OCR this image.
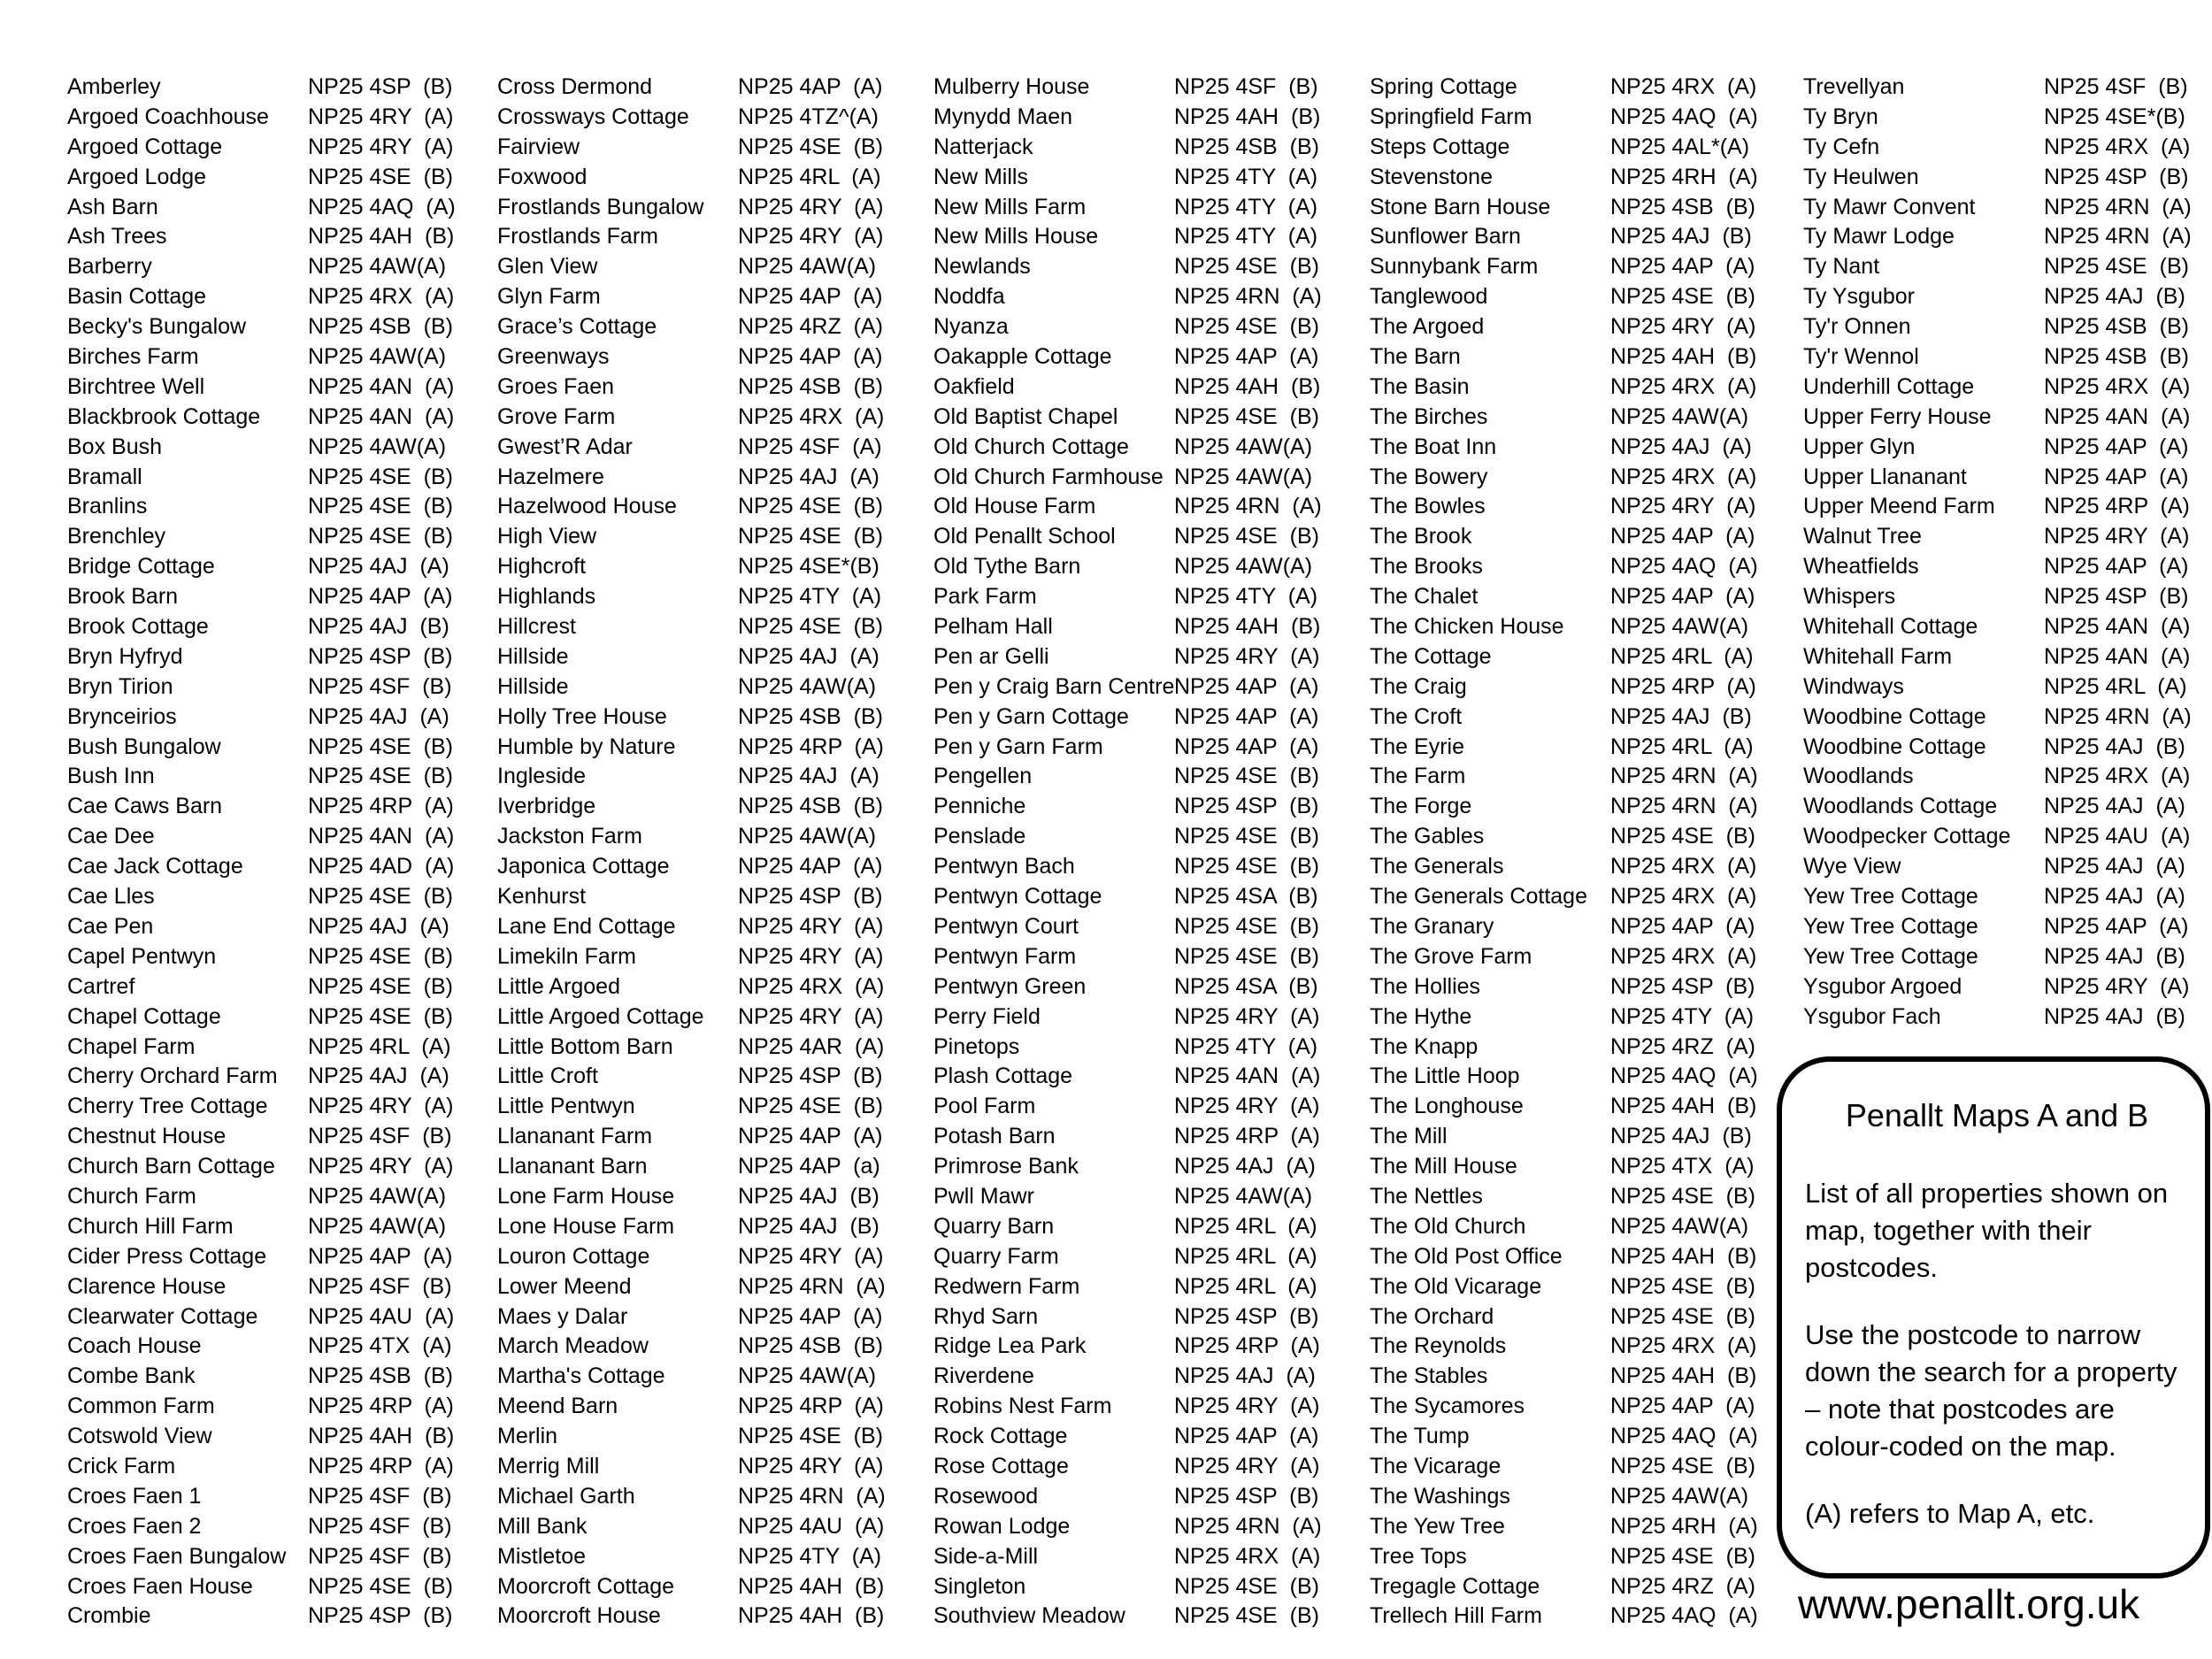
Amberley	NP25 4SP  (B)
Argoed Coachhouse NP25 4RY  (A)
Argoed Cottage	NP25 4RY  (A)
Argoed Lodge	NP25 4SE  (B)
Ash Barn	NP25 4AQ  (A)
Ash Trees	NP25 4AH  (B)
Barberry	NP25 4AW(A)
Basin Cottage	NP25 4RX  (A)
Becky's Bungalow	NP25 4SB  (B)
Birches Farm	NP25 4AW(A)
Birchtree Well	NP25 4AN  (A)
Blackbrook Cottage NP25 4AN  (A)
Box Bush	NP25 4AW(A)
Bramall	NP25 4SE  (B)
Branlins	NP25 4SE  (B)
Brenchley	NP25 4SE  (B)
Bridge Cottage	NP25 4AJ  (A)
Brook Barn	NP25 4AP  (A)
Brook Cottage	NP25 4AJ  (B)
Bryn Hyfryd	NP25 4SP  (B)
Bryn Tirion	NP25 4SF  (B)
Brynceirios	NP25 4AJ  (A)
Bush Bungalow	NP25 4SE  (B)
Bush Inn	NP25 4SE  (B)
Cae Caws Barn	NP25 4RP  (A)
Cae Dee	NP25 4AN  (A)
Cae Jack Cottage	NP25 4AD  (A)
Cae Lles	NP25 4SE  (B)
Cae Pen	NP25 4AJ  (A)
Capel Pentwyn	NP25 4SE  (B)
Cartref	NP25 4SE  (B)
Chapel Cottage	NP25 4SE  (B)
Chapel Farm	NP25 4RL  (A)
Cherry Orchard Farm NP25 4AJ  (A)
Cherry Tree Cottage NP25 4RY  (A)
Chestnut House	NP25 4SF  (B)
Church Barn Cottage NP25 4RY  (A)
Church Farm	NP25 4AW(A)
Church Hill Farm	NP25 4AW(A)
Cider Press Cottage NP25 4AP  (A)
Clarence House	NP25 4SF  (B)
Clearwater Cottage NP25 4AU  (A)
Coach House	NP25 4TX  (A)
Combe Bank	NP25 4SB  (B)
Common Farm	NP25 4RP  (A)
Cotswold View	NP25 4AH  (B)
Crick Farm	NP25 4RP  (A)
Croes Faen 1	NP25 4SF  (B)
Croes Faen 2	NP25 4SF  (B)
Croes Faen Bungalow NP25 4SF  (B)
Croes Faen House NP25 4SE  (B)
Crombie	NP25 4SP  (B)
Cross Dermond	NP25 4AP  (A)
Crossways Cottage NP25 4TZ^(A)
Fairview	NP25 4SE  (B)
Foxwood	NP25 4RL  (A)
Frostlands Bungalow NP25 4RY  (A)
Frostlands Farm	NP25 4RY  (A)
Glen View	NP25 4AW(A)
Glyn Farm	NP25 4AP  (A)
Grace’s Cottage	NP25 4RZ  (A)
Greenways	NP25 4AP  (A)
Groes Faen	NP25 4SB  (B)
Grove Farm	NP25 4RX  (A)
Gwest’R Adar	NP25 4SF  (A)
Hazelmere	NP25 4AJ  (A)
Hazelwood House	NP25 4SE  (B)
High View	NP25 4SE  (B)
Highcroft	NP25 4SE*(B)
Highlands	NP25 4TY  (A)
Hillcrest	NP25 4SE  (B)
Hillside	NP25 4AJ  (A)
Hillside	NP25 4AW(A)
Holly Tree House	NP25 4SB  (B)
Humble by Nature	NP25 4RP  (A)
Ingleside	NP25 4AJ  (A)
Iverbridge	NP25 4SB  (B)
Jackston Farm	NP25 4AW(A)
Japonica Cottage	NP25 4AP  (A)
Kenhurst	NP25 4SP  (B)
Lane End Cottage	NP25 4RY  (A)
Limekiln Farm	NP25 4RY  (A)
Little Argoed	NP25 4RX  (A)
Little Argoed Cottage NP25 4RY  (A)
Little Bottom Barn	NP25 4AR  (A)
Little Croft	NP25 4SP  (B)
Little Pentwyn	NP25 4SE  (B)
Llananant Farm	NP25 4AP  (A)
Llananant Barn	NP25 4AP  (a)
Lone Farm House	NP25 4AJ  (B)
Lone House Farm	NP25 4AJ  (B)
Louron Cottage	NP25 4RY  (A)
Lower Meend	NP25 4RN  (A)
Maes y Dalar	NP25 4AP  (A)
March Meadow	NP25 4SB  (B)
Martha's Cottage	NP25 4AW(A)
Meend Barn	NP25 4RP  (A)
Merlin	NP25 4SE  (B)
Merrig Mill	NP25 4RY  (A)
Michael Garth	NP25 4RN  (A)
Mill Bank	NP25 4AU  (A)
Mistletoe	NP25 4TY  (A)
Moorcroft Cottage	NP25 4AH  (B)
Moorcroft House	NP25 4AH  (B)
Mulberry House	NP25 4SF  (B)
Mynydd Maen	NP25 4AH  (B)
Natterjack	NP25 4SB  (B)
New Mills	NP25 4TY  (A)
New Mills Farm	NP25 4TY  (A)
New Mills House	NP25 4TY  (A)
Newlands	NP25 4SE  (B)
Noddfa	NP25 4RN  (A)
Nyanza	NP25 4SE  (B)
Oakapple Cottage	NP25 4AP  (A)
Oakfield	NP25 4AH  (B)
Old Baptist Chapel	NP25 4SE  (B)
Old Church Cottage NP25 4AW(A)
Old Church Farmhouse NP25 4AW(A)
Old House Farm	NP25 4RN  (A)
Old Penallt School	NP25 4SE  (B)
Old Tythe Barn	NP25 4AW(A)
Park Farm	NP25 4TY  (A)
Pelham Hall	NP25 4AH  (B)
Pen ar Gelli	NP25 4RY  (A)
Pen y Craig Barn Centre NP25 4AP  (A)
Pen y Garn Cottage NP25 4AP  (A)
Pen y Garn Farm	NP25 4AP  (A)
Pengellen	NP25 4SE  (B)
Penniche	NP25 4SP  (B)
Penslade	NP25 4SE  (B)
Pentwyn Bach	NP25 4SE  (B)
Pentwyn Cottage	NP25 4SA  (B)
Pentwyn Court	NP25 4SE  (B)
Pentwyn Farm	NP25 4SE  (B)
Pentwyn Green	NP25 4SA  (B)
Perry Field	NP25 4RY  (A)
Pinetops	NP25 4TY  (A)
Plash Cottage	NP25 4AN  (A)
Pool Farm	NP25 4RY  (A)
Potash Barn	NP25 4RP  (A)
Primrose Bank	NP25 4AJ  (A)
Pwll Mawr	NP25 4AW(A)
Quarry Barn	NP25 4RL  (A)
Quarry Farm	NP25 4RL  (A)
Redwern Farm	NP25 4RL  (A)
Rhyd Sarn	NP25 4SP  (B)
Ridge Lea Park	NP25 4RP  (A)
Riverdene	NP25 4AJ  (A)
Robins Nest Farm	NP25 4RY  (A)
Rock Cottage	NP25 4AP  (A)
Rose Cottage	NP25 4RY  (A)
Rosewood	NP25 4SP  (B)
Rowan Lodge	NP25 4RN  (A)
Side-a-Mill	NP25 4RX  (A)
Singleton	NP25 4SE  (B)
Southview Meadow NP25 4SE  (B)
Spring Cottage	NP25 4RX  (A)
Springfield Farm	NP25 4AQ  (A)
Steps Cottage	NP25 4AL*(A)
Stevenstone	NP25 4RH  (A)
Stone Barn House	NP25 4SB  (B)
Sunflower Barn	NP25 4AJ  (B)
Sunnybank Farm	NP25 4AP  (A)
Tanglewood	NP25 4SE  (B)
The Argoed	NP25 4RY  (A)
The Barn	NP25 4AH  (B)
The Basin	NP25 4RX  (A)
The Birches	NP25 4AW(A)
The Boat Inn	NP25 4AJ  (A)
The Bowery	NP25 4RX  (A)
The Bowles	NP25 4RY  (A)
The Brook	NP25 4AP  (A)
The Brooks	NP25 4AQ  (A)
The Chalet	NP25 4AP  (A)
The Chicken House NP25 4AW(A)
The Cottage	NP25 4RL  (A)
The Craig	NP25 4RP  (A)
The Croft	NP25 4AJ  (B)
The Eyrie	NP25 4RL  (A)
The Farm	NP25 4RN  (A)
The Forge	NP25 4RN  (A)
The Gables	NP25 4SE  (B)
The Generals	NP25 4RX  (A)
The Generals Cottage NP25 4RX  (A)
The Granary	NP25 4AP  (A)
The Grove Farm	NP25 4RX  (A)
The Hollies	NP25 4SP  (B)
The Hythe	NP25 4TY  (A)
The Knapp	NP25 4RZ  (A)
The Little Hoop	NP25 4AQ  (A)
The Longhouse	NP25 4AH  (B)
The Mill	NP25 4AJ  (B)
The Mill House	NP25 4TX  (A)
The Nettles	NP25 4SE  (B)
The Old Church	NP25 4AW(A)
The Old Post Office NP25 4AH  (B)
The Old Vicarage	NP25 4SE  (B)
The Orchard	NP25 4SE  (B)
The Reynolds	NP25 4RX  (A)
The Stables	NP25 4AH  (B)
The Sycamores	NP25 4AP  (A)
The Tump	NP25 4AQ  (A)
The Vicarage	NP25 4SE  (B)
The Washings	NP25 4AW(A)
The Yew Tree	NP25 4RH  (A)
Tree Tops	NP25 4SE  (B)
Tregagle Cottage	NP25 4RZ  (A)
Trellech Hill Farm	NP25 4AQ  (A)
Trevellyan	NP25 4SF  (B)
Ty Bryn	NP25 4SE*(B)
Ty Cefn	NP25 4RX  (A)
Ty Heulwen	NP25 4SP  (B)
Ty Mawr Convent	NP25 4RN  (A)
Ty Mawr Lodge	NP25 4RN  (A)
Ty Nant	NP25 4SE  (B)
Ty Ysgubor	NP25 4AJ  (B)
Ty'r Onnen	NP25 4SB  (B)
Ty'r Wennol	NP25 4SB  (B)
Underhill Cottage	NP25 4RX  (A)
Upper Ferry House NP25 4AN  (A)
Upper Glyn	NP25 4AP  (A)
Upper Llananant	NP25 4AP  (A)
Upper Meend Farm NP25 4RP  (A)
Walnut Tree	NP25 4RY  (A)
Wheatfields	NP25 4AP  (A)
Whispers	NP25 4SP  (B)
Whitehall Cottage	NP25 4AN  (A)
Whitehall Farm	NP25 4AN  (A)
Windways	NP25 4RL  (A)
Woodbine Cottage	NP25 4RN  (A)
Woodbine Cottage	NP25 4AJ  (B)
Woodlands	NP25 4RX  (A)
Woodlands Cottage NP25 4AJ  (A)
Woodpecker Cottage NP25 4AU  (A)
Wye View	NP25 4AJ  (A)
Yew Tree Cottage	NP25 4AJ  (A)
Yew Tree Cottage	NP25 4AP  (A)
Yew Tree Cottage	NP25 4AJ  (B)
Ysgubor Argoed	NP25 4RY  (A)
Ysgubor Fach	NP25 4AJ  (B)
Penallt Maps A and B

List of all properties shown on map, together with their postcodes.

Use the postcode to narrow down the search for a property – note that postcodes are colour-coded on the map.

(A) refers to Map A, etc.

www.penallt.org.uk
